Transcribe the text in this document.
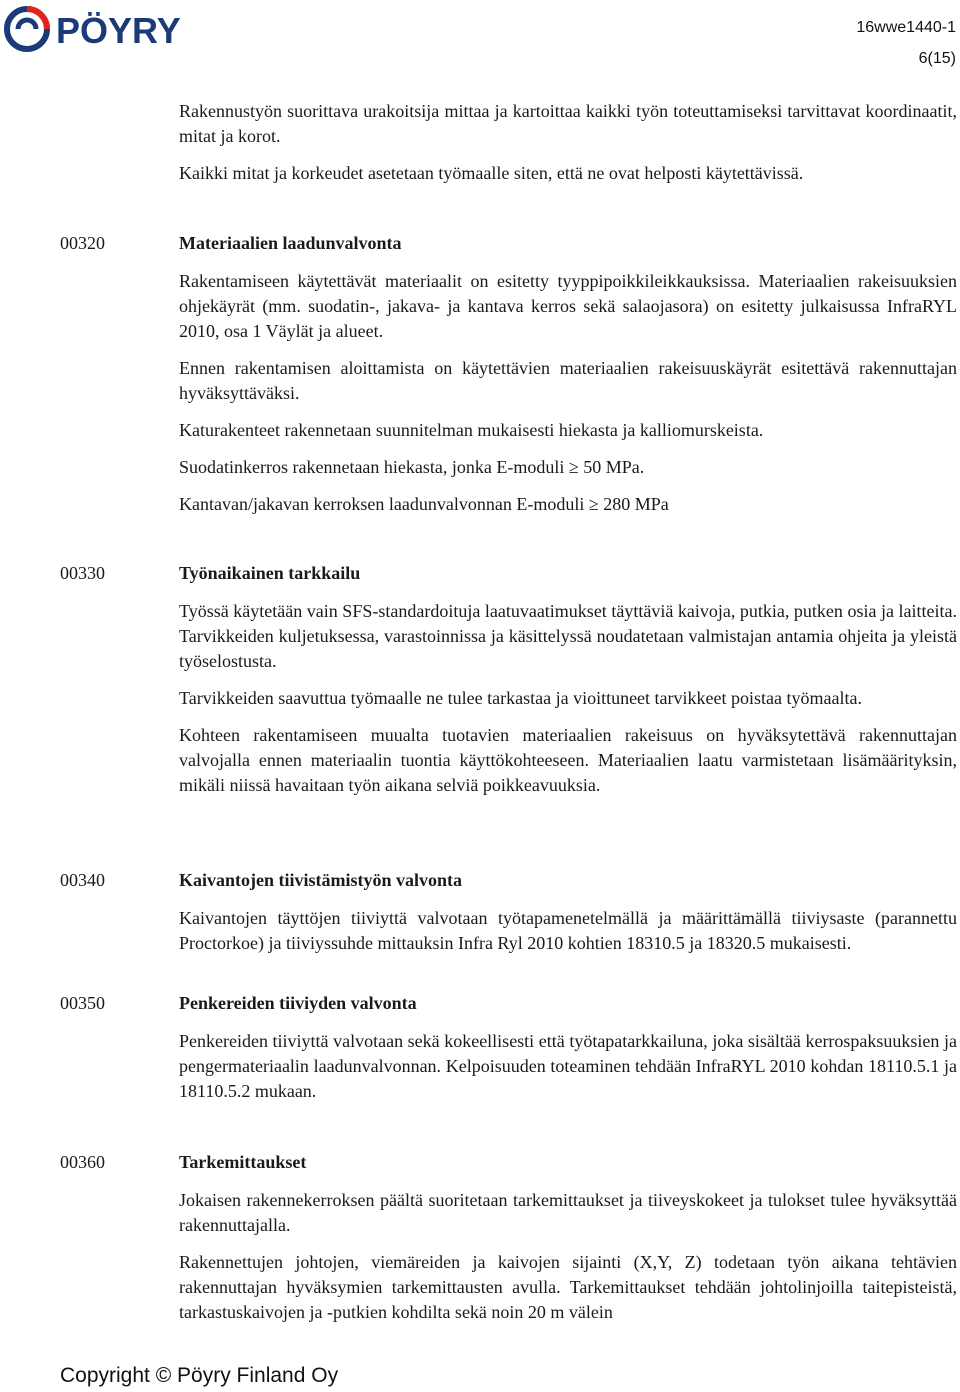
PÖYRY	16wwe1440-1
6(15)

Rakennustyön suorittava urakoitsija mittaa ja kartoittaa kaikki työn toteuttamiseksi tarvittavat koordinaatit, mitat ja korot.

Kaikki mitat ja korkeudet asetetaan työmaalle siten, että ne ovat helposti käytettävissä.

00320	Materiaalien laadunvalvonta

Rakentamiseen käytettävät materiaalit on esitetty tyyppipoikkileikkauksissa. Materiaalien rakeisuuksien ohjekäyrät (mm. suodatin-, jakava- ja kantava kerros sekä salaojasora) on esitetty julkaisussa InfraRYL 2010, osa 1 Väylät ja alueet.

Ennen rakentamisen aloittamista on käytettävien materiaalien rakeisuuskäyrät esitettävä rakennuttajan hyväksyttäväksi.

Katurakenteet rakennetaan suunnitelman mukaisesti hiekasta ja kalliomurskeista.

Suodatinkerros rakennetaan hiekasta, jonka E-moduli ≥ 50 MPa.

Kantavan/jakavan kerroksen laadunvalvonnan E-moduli ≥ 280 MPa

00330	Työnaikainen tarkkailu

Työssä käytetään vain SFS-standardoituja laatuvaatimukset täyttäviä kaivoja, putkia, putken osia ja laitteita. Tarvikkeiden kuljetuksessa, varastoinnissa ja käsittelyssä noudatetaan valmistajan antamia ohjeita ja yleistä työselostusta.

Tarvikkeiden saavuttua työmaalle ne tulee tarkastaa ja vioittuneet tarvikkeet poistaa työmaalta.

Kohteen rakentamiseen muualta tuotavien materiaalien rakeisuus on hyväksytettävä rakennuttajan valvojalla ennen materiaalin tuontia käyttökohteeseen. Materiaalien laatu varmistetaan lisämäärityksin, mikäli niissä havaitaan työn aikana selviä poikkeavuuksia.

00340	Kaivantojen tiivistämistyön valvonta

Kaivantojen täyttöjen tiiviyttä valvotaan työtapamenetelmällä ja määrittämällä tiiviysaste (parannettu Proctorkoe) ja tiiviyssuhde mittauksin Infra Ryl 2010 kohtien 18310.5 ja 18320.5 mukaisesti.

00350	Penkereiden tiiviyden valvonta

Penkereiden tiiviyttä valvotaan sekä kokeellisesti että työtapatarkkailuna, joka sisältää kerrospaksuuksien ja pengermateriaalin laadunvalvonnan. Kelpoisuuden toteaminen tehdään InfraRYL 2010 kohdan 18110.5.1 ja 18110.5.2 mukaan.

00360	Tarkemittaukset

Jokaisen rakennekerroksen päältä suoritetaan tarkemittaukset ja tiiveyskokeet ja tulokset tulee hyväksyttää rakennuttajalla.

Rakennettujen johtojen, viemäreiden ja kaivojen sijainti (X,Y, Z) todetaan työn aikana tehtävien rakennuttajan hyväksymien tarkemittausten avulla. Tarkemittaukset tehdään johtolinjoilla taitepisteistä, tarkastuskaivojen ja -putkien kohdilta sekä noin 20 m välein

Copyright © Pöyry Finland Oy
